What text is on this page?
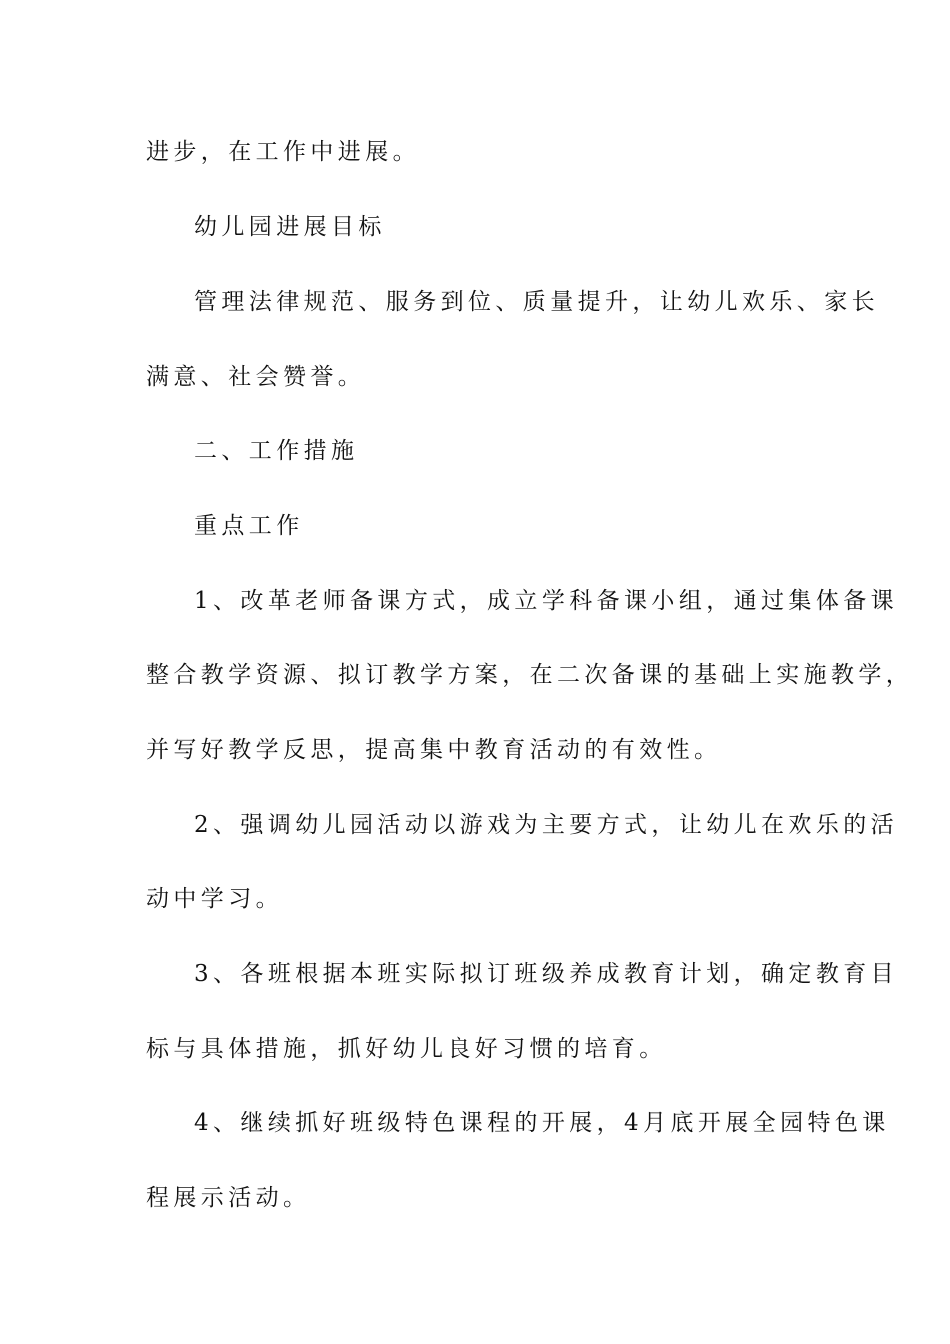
进步，在工作中进展。
幼儿园进展目标
管理法律规范、服务到位、质量提升，让幼儿欢乐、家长
满意、社会赞誉。
二、工作措施
重点工作
1、改革老师备课方式，成立学科备课小组，通过集体备课
整合教学资源、拟订教学方案，在二次备课的基础上实施教学，
并写好教学反思，提高集中教育活动的有效性。
2、强调幼儿园活动以游戏为主要方式，让幼儿在欢乐的活
动中学习。
3、各班根据本班实际拟订班级养成教育计划，确定教育目
标与具体措施，抓好幼儿良好习惯的培育。
4、继续抓好班级特色课程的开展，4月底开展全园特色课
程展示活动。
